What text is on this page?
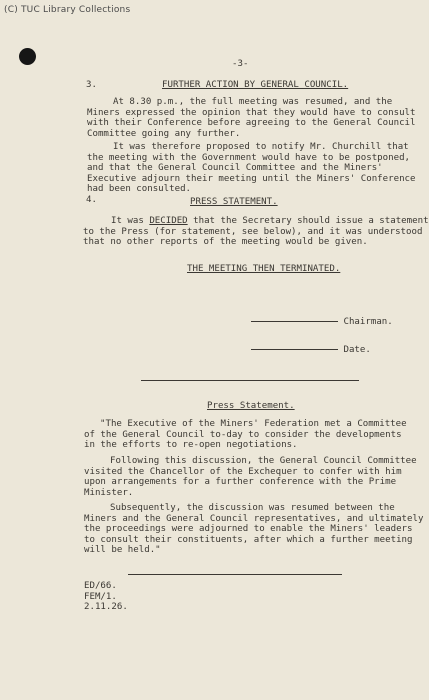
(C) TUC Library Collections
-3-
3.	FURTHER ACTION BY GENERAL COUNCIL.
At 8.30 p.m., the full meeting was resumed, and the
Miners expressed the opinion that they would have to consult
with their Conference before agreeing to the General Council
Committee going any further.
It was therefore proposed to notify Mr. Churchill that
the meeting with the Government would have to be postponed,
and that the General Council Committee and the Miners'
Executive adjourn their meeting until the Miners' Conference
had been consulted.
4.	PRESS STATEMENT.
It was DECIDED that the Secretary should issue a statement
to the Press (for statement, see below), and it was understood
that no other reports of the meeting would be given.
THE MEETING THEN TERMINATED.
Chairman.
Date.
Press Statement.
"The Executive of the Miners' Federation met a Committee
of the General Council to-day to consider the developments
in the efforts to re-open negotiations.
Following this discussion, the General Council Committee
visited the Chancellor of the Exchequer to confer with him
upon arrangements for a further conference with the Prime
Minister.
Subsequently, the discussion was resumed between the
Miners and the General Council representatives, and ultimately
the proceedings were adjourned to enable the Miners' leaders
to consult their constituents, after which a further meeting
will be held."
ED/66.
FEM/1.
2.11.26.
